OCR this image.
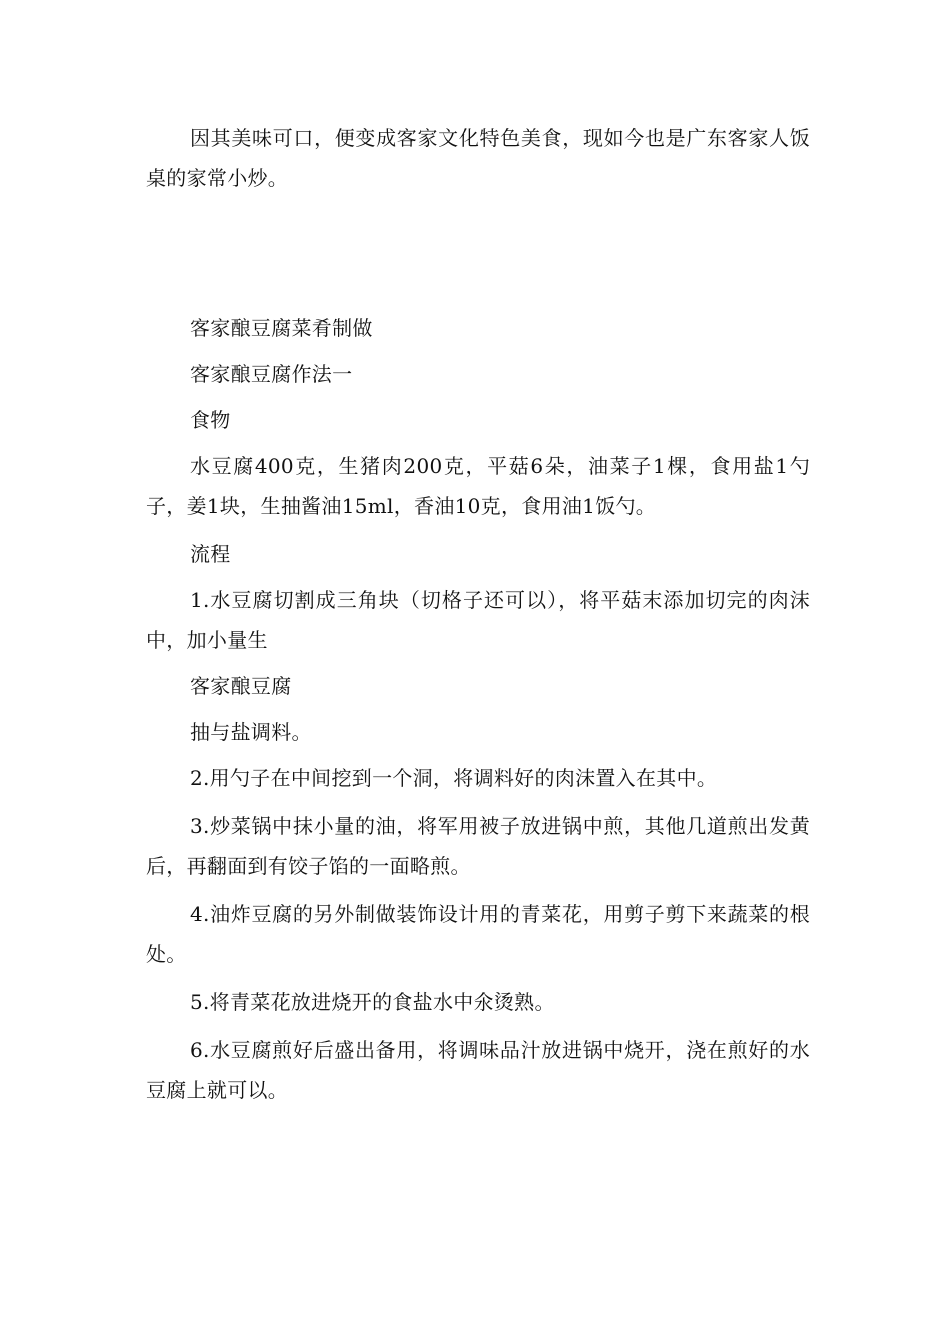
因其美味可口，便变成客家文化特色美食，现如今也是广东客家人饭桌的家常小炒。

客家酿豆腐菜肴制做

客家酿豆腐作法一

食物

水豆腐400克，生猪肉200克，平菇6朵，油菜子1棵，食用盐1勺子，姜1块，生抽酱油15ml，香油10克，食用油1饭勺。

流程

1.水豆腐切割成三角块（切格子还可以），将平菇末添加切完的肉沫中，加小量生

客家酿豆腐

抽与盐调料。

2.用勺子在中间挖到一个洞，将调料好的肉沫置入在其中。

3.炒菜锅中抹小量的油，将军用被子放进锅中煎，其他几道煎出发黄后，再翻面到有饺子馅的一面略煎。

4.油炸豆腐的另外制做装饰设计用的青菜花，用剪子剪下来蔬菜的根处。

5.将青菜花放进烧开的食盐水中氽烫熟。

6.水豆腐煎好后盛出备用，将调味品汁放进锅中烧开，浇在煎好的水豆腐上就可以。
